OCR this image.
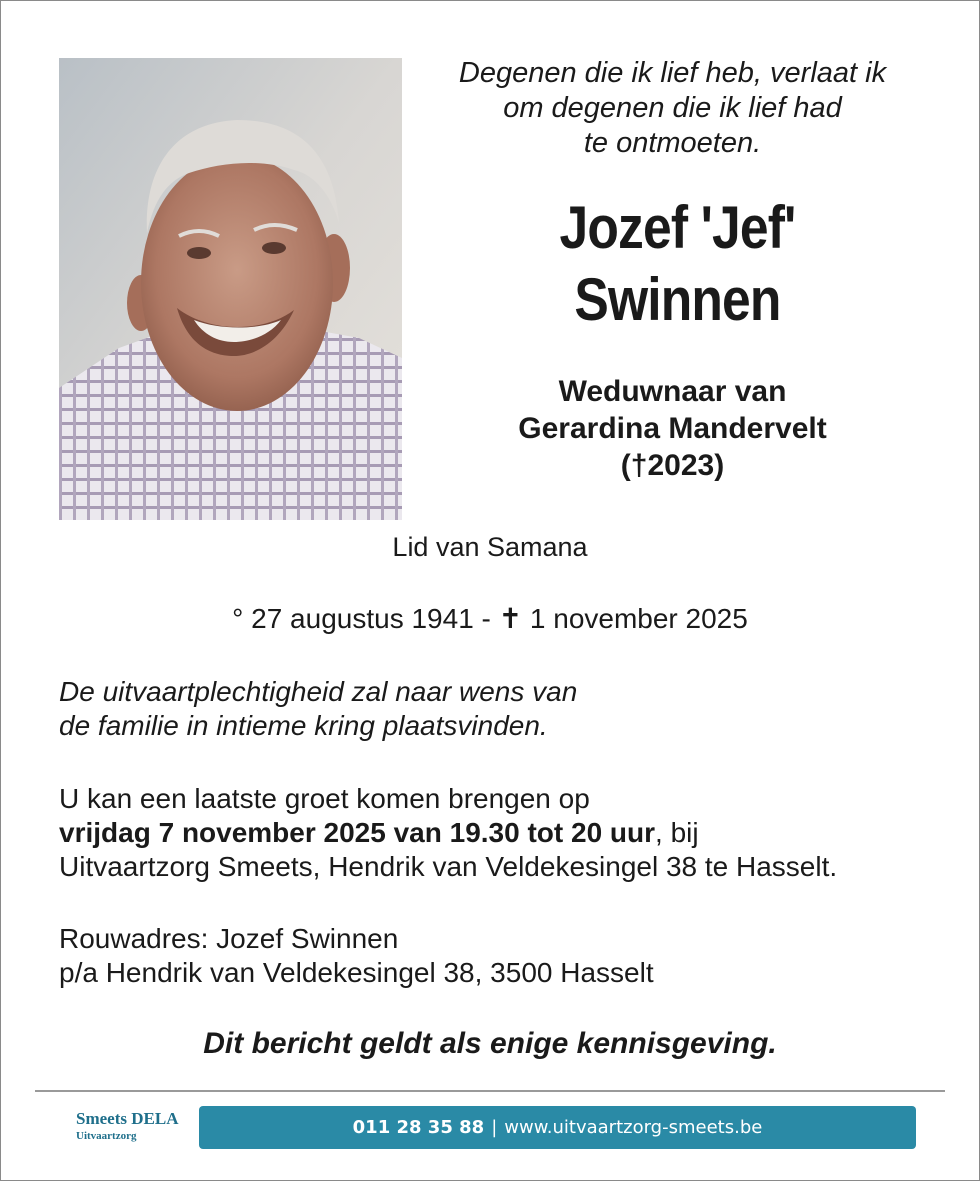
Degenen die ik lief heb, verlaat ik
om degenen die ik lief had
te ontmoeten.
Jozef 'Jef'
Swinnen
Weduwnaar van
Gerardina Mandervelt
(†2023)
Lid van Samana
° 27 augustus 1941 - ✝ 1 november 2025
De uitvaartplechtigheid zal naar wens van
de familie in intieme kring plaatsvinden.
U kan een laatste groet komen brengen op
vrijdag 7 november 2025 van 19.30 tot 20 uur, bij
Uitvaartzorg Smeets, Hendrik van Veldekesingel 38 te Hasselt.
Rouwadres: Jozef Swinnen
p/a Hendrik van Veldekesingel 38, 3500 Hasselt
Dit bericht geldt als enige kennisgeving.
Smeets DELA
Uitvaartzorg	011 28 35 88 | www.uitvaartzorg-smeets.be
